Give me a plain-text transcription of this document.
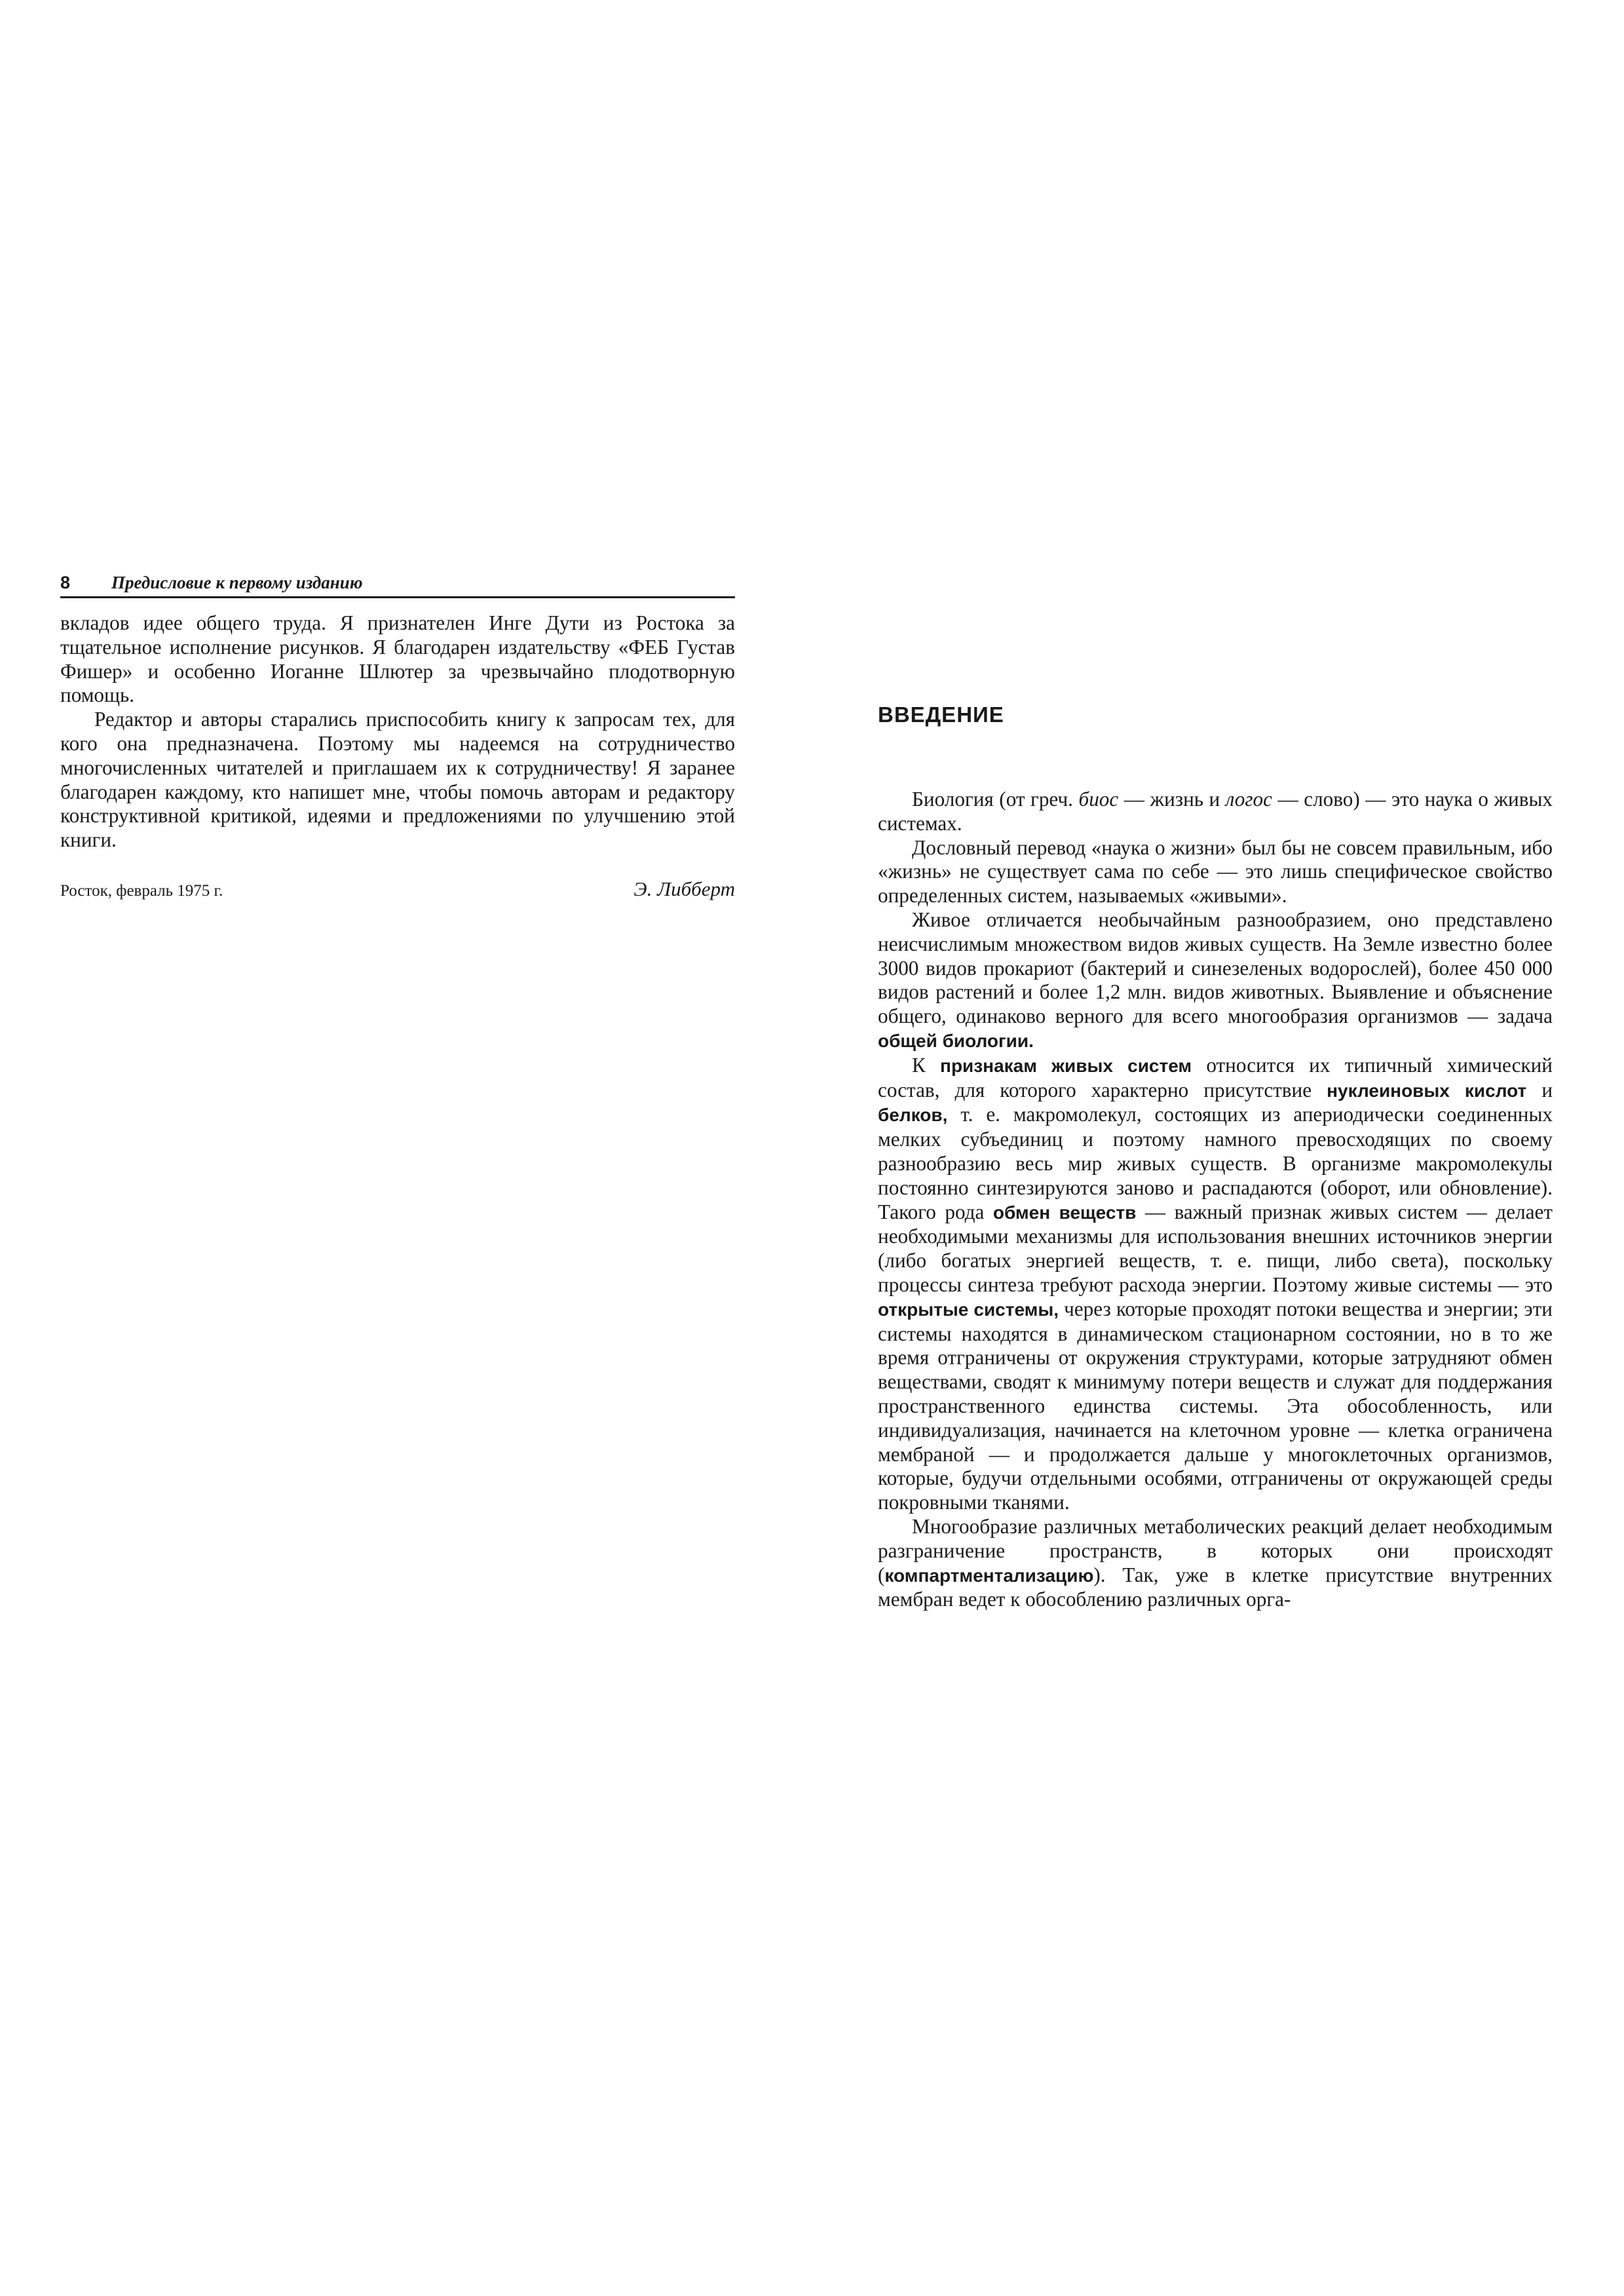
8	Предисловие к первому изданию

вкладов идее общего труда. Я признателен Инге Дути из Ростока за тщательное исполнение рисунков. Я благодарен издательству «ФЕБ Густав Фишер» и особенно Иоганне Шлютер за чрезвычайно плодотворную помощь.

Редактор и авторы старались приспособить книгу к запросам тех, для кого она предназначена. Поэтому мы надеемся на сотрудничество многочисленных читателей и приглашаем их к сотрудничеству! Я заранее благодарен каждому, кто напишет мне, чтобы помочь авторам и редактору конструктивной критикой, идеями и предложениями по улучшению этой книги.

Росток, февраль 1975 г.	Э. Либберт
ВВЕДЕНИЕ

Биология (от греч. биос — жизнь и логос — слово) — это наука о живых системах.

Дословный перевод «наука о жизни» был бы не совсем правильным, ибо «жизнь» не существует сама по себе — это лишь специфическое свойство определенных систем, называемых «живыми».

Живое отличается необычайным разнообразием, оно представлено неисчислимым множеством видов живых существ. На Земле известно более 3000 видов прокариот (бактерий и синезеленых водорослей), более 450 000 видов растений и более 1,2 млн. видов животных. Выявление и объяснение общего, одинаково верного для всего многообразия организмов — задача общей биологии.

К признакам живых систем относится их типичный химический состав, для которого характерно присутствие нуклеиновых кислот и белков, т. е. макромолекул, состоящих из апериодически соединенных мелких субъединиц и поэтому намного превосходящих по своему разнообразию весь мир живых существ. В организме макромолекулы постоянно синтезируются заново и распадаются (оборот, или обновление). Такого рода обмен веществ — важный признак живых систем — делает необходимыми механизмы для использования внешних источников энергии (либо богатых энергией веществ, т. е. пищи, либо света), поскольку процессы синтеза требуют расхода энергии. Поэтому живые системы — это открытые системы, через которые проходят потоки вещества и энергии; эти системы находятся в динамическом стационарном состоянии, но в то же время отграничены от окружения структурами, которые затрудняют обмен веществами, сводят к минимуму потери веществ и служат для поддержания пространственного единства системы. Эта обособленность, или индивидуализация, начинается на клеточном уровне — клетка ограничена мембраной — и продолжается дальше у многоклеточных организмов, которые, будучи отдельными особями, отграничены от окружающей среды покровными тканями.

Многообразие различных метаболических реакций делает необходимым разграничение пространств, в которых они происходят (компартментализацию). Так, уже в клетке присутствие внутренних мембран ведет к обособлению различных орга-
